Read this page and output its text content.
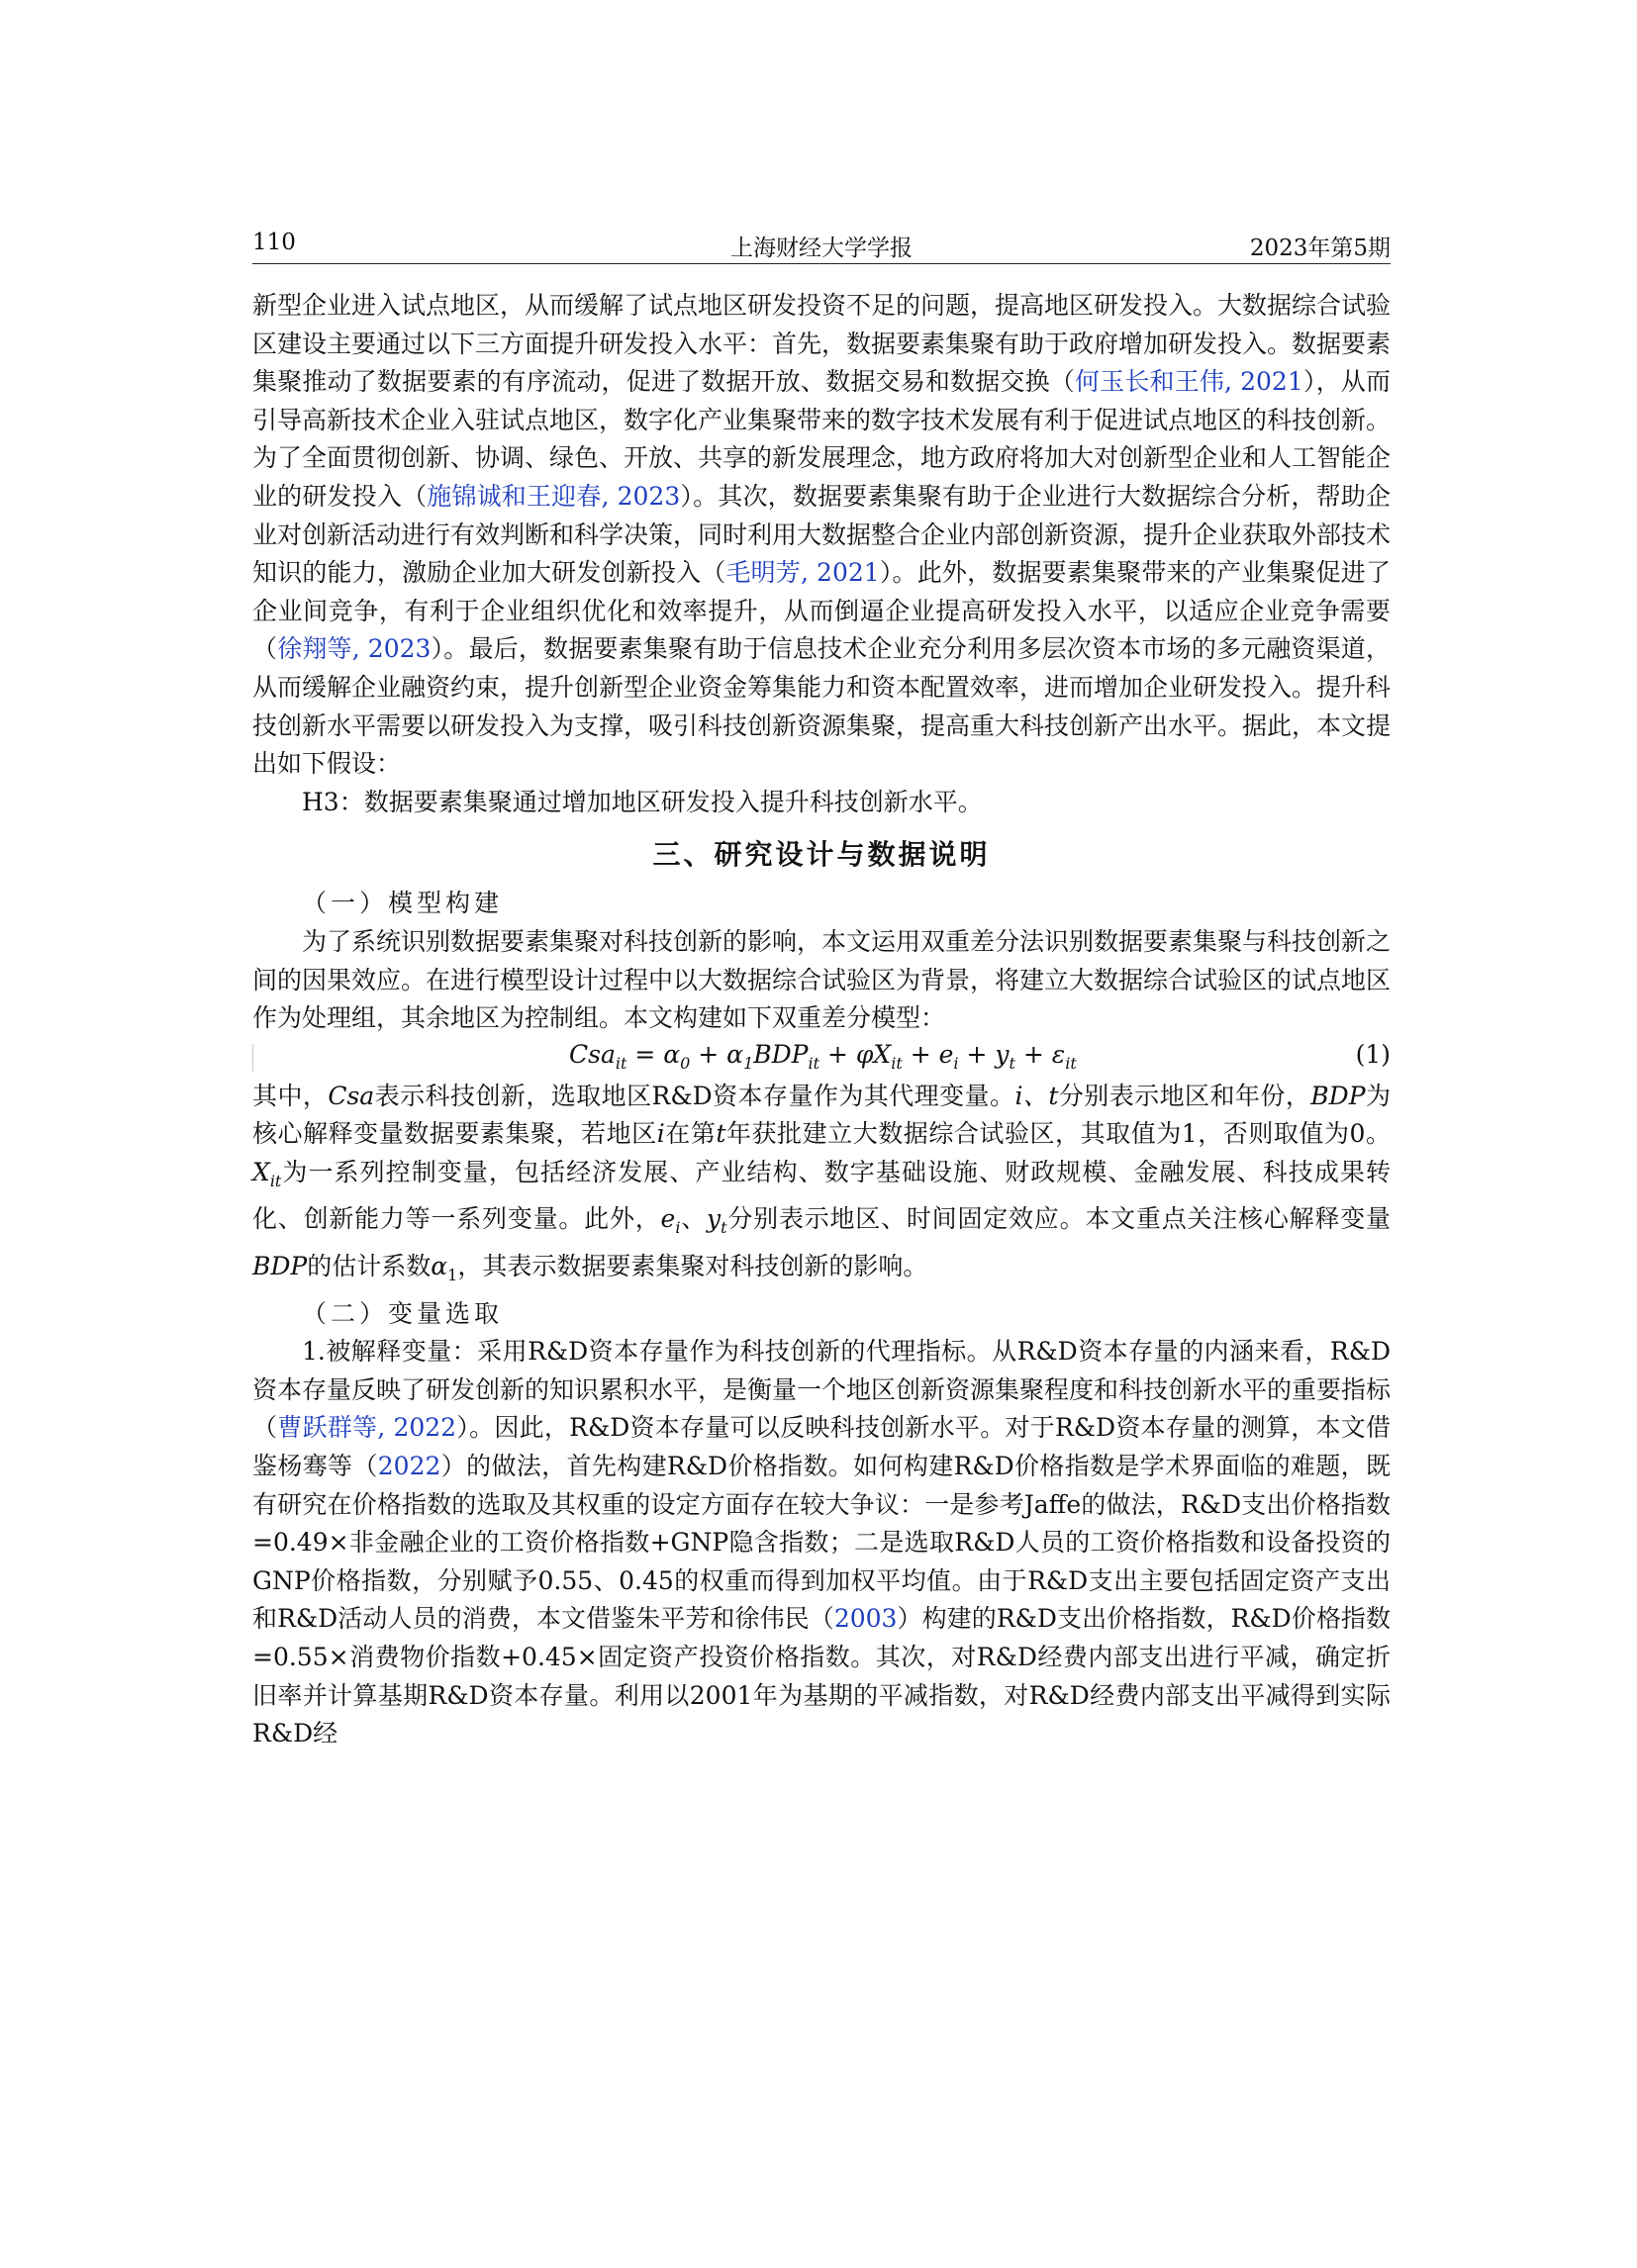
110	上海财经大学学报	2023年第5期

新型企业进入试点地区，从而缓解了试点地区研发投资不足的问题，提高地区研发投入。大数据综合试验区建设主要通过以下三方面提升研发投入水平：首先，数据要素集聚有助于政府增加研发投入。数据要素集聚推动了数据要素的有序流动，促进了数据开放、数据交易和数据交换（何玉长和王伟, 2021），从而引导高新技术企业入驻试点地区，数字化产业集聚带来的数字技术发展有利于促进试点地区的科技创新。为了全面贯彻创新、协调、绿色、开放、共享的新发展理念，地方政府将加大对创新型企业和人工智能企业的研发投入（施锦诚和王迎春, 2023）。其次，数据要素集聚有助于企业进行大数据综合分析，帮助企业对创新活动进行有效判断和科学决策，同时利用大数据整合企业内部创新资源，提升企业获取外部技术知识的能力，激励企业加大研发创新投入（毛明芳, 2021）。此外，数据要素集聚带来的产业集聚促进了企业间竞争，有利于企业组织优化和效率提升，从而倒逼企业提高研发投入水平，以适应企业竞争需要（徐翔等, 2023）。最后，数据要素集聚有助于信息技术企业充分利用多层次资本市场的多元融资渠道，从而缓解企业融资约束，提升创新型企业资金筹集能力和资本配置效率，进而增加企业研发投入。提升科技创新水平需要以研发投入为支撑，吸引科技创新资源集聚，提高重大科技创新产出水平。据此，本文提出如下假设：

H3：数据要素集聚通过增加地区研发投入提升科技创新水平。

三、研究设计与数据说明
（一）模型构建

为了系统识别数据要素集聚对科技创新的影响，本文运用双重差分法识别数据要素集聚与科技创新之间的因果效应。在进行模型设计过程中以大数据综合试验区为背景，将建立大数据综合试验区的试点地区作为处理组，其余地区为控制组。本文构建如下双重差分模型：

$Csa_{it} = \alpha_0 + \alpha_1BDP_{it} + \varphi X_{it} + e_i + y_t + \varepsilon_{it}$	(1)

其中，Csa表示科技创新，选取地区R&D资本存量作为其代理变量。i、t分别表示地区和年份，BDP为核心解释变量数据要素集聚，若地区i在第t年获批建立大数据综合试验区，其取值为1，否则取值为0。$X_{it}$为一系列控制变量，包括经济发展、产业结构、数字基础设施、财政规模、金融发展、科技成果转化、创新能力等一系列变量。此外，$e_i$、$y_t$分别表示地区、时间固定效应。本文重点关注核心解释变量BDP的估计系数$\alpha_1$，其表示数据要素集聚对科技创新的影响。

（二）变量选取

1.被解释变量：采用R&D资本存量作为科技创新的代理指标。从R&D资本存量的内涵来看，R&D资本存量反映了研发创新的知识累积水平，是衡量一个地区创新资源集聚程度和科技创新水平的重要指标（曹跃群等, 2022）。因此，R&D资本存量可以反映科技创新水平。对于R&D资本存量的测算，本文借鉴杨骞等（2022）的做法，首先构建R&D价格指数。如何构建R&D价格指数是学术界面临的难题，既有研究在价格指数的选取及其权重的设定方面存在较大争议：一是参考Jaffe的做法，R&D支出价格指数=0.49×非金融企业的工资价格指数+GNP隐含指数；二是选取R&D人员的工资价格指数和设备投资的GNP价格指数，分别赋予0.55、0.45的权重而得到加权平均值。由于R&D支出主要包括固定资产支出和R&D活动人员的消费，本文借鉴朱平芳和徐伟民（2003）构建的R&D支出价格指数，R&D价格指数=0.55×消费物价指数+0.45×固定资产投资价格指数。其次，对R&D经费内部支出进行平减，确定折旧率并计算基期R&D资本存量。利用以2001年为基期的平减指数，对R&D经费内部支出平减得到实际R&D经
